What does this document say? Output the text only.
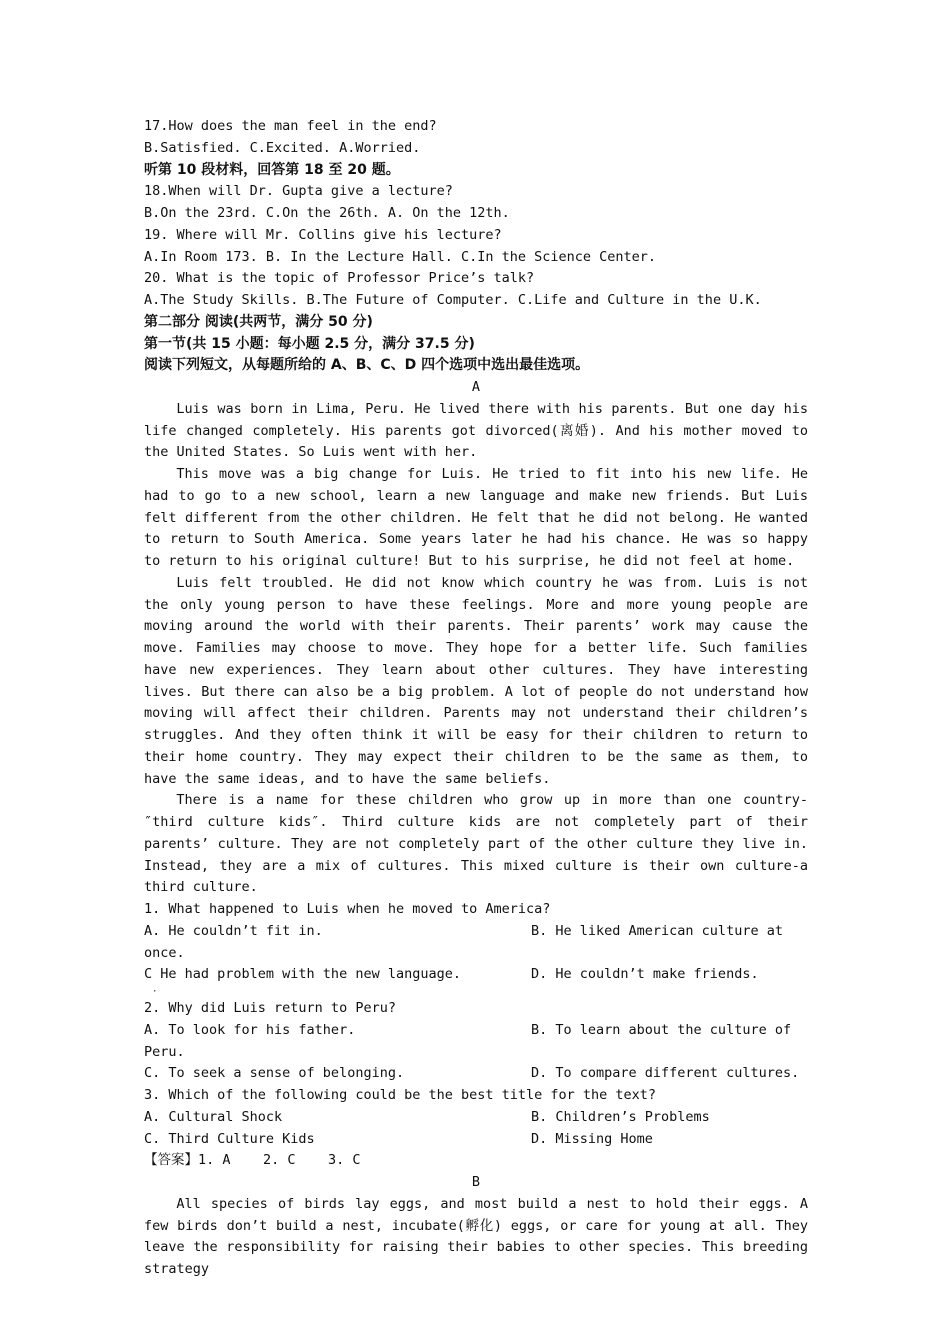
17.How does the man feel in the end?
B.Satisfied. C.Excited. A.Worried.
听第 10 段材料，回答第 18 至 20 题。
18.When will Dr. Gupta give a lecture?
B.On the 23rd. C.On the 26th. A. On the 12th.
19. Where will Mr. Collins give his lecture?
A.In Room 173. B. In the Lecture Hall. C.In the Science Center.
20. What is the topic of Professor Price’s talk?
A.The Study Skills. B.The Future of Computer. C.Life and Culture in the U.K.
第二部分 阅读(共两节，满分 50 分)
第一节(共 15 小题：每小题 2.5 分，满分 37.5 分)
阅读下列短文，从每题所给的 A、B、C、D 四个选项中选出最佳选项。
A
Luis was born in Lima, Peru. He lived there with his parents. But one day his life changed completely. His parents got divorced(离婚). And his mother moved to the United States. So Luis went with her.
This move was a big change for Luis. He tried to fit into his new life. He had to go to a new school, learn a new language and make new friends. But Luis felt different from the other children. He felt that he did not belong. He wanted to return to South America. Some years later he had his chance. He was so happy to return to his original culture! But to his surprise, he did not feel at home.
Luis felt troubled. He did not know which country he was from. Luis is not the only young person to have these feelings. More and more young people are moving around the world with their parents. Their parents’ work may cause the move. Families may choose to move. They hope for a better life. Such families have new experiences. They learn about other cultures. They have interesting lives. But there can also be a big problem. A lot of people do not understand how moving will affect their children. Parents may not understand their children’s struggles. And they often think it will be easy for their children to return to their home country. They may expect their children to be the same as them, to have the same ideas, and to have the same beliefs.
There is a name for these children who grow up in more than one country-″third culture kids″. Third culture kids are not completely part of their parents’ culture. They are not completely part of the other culture they live in. Instead, they are a mix of cultures. This mixed culture is their own culture-a third culture.
1. What happened to Luis when he moved to America?
A. He couldn’t fit in.	B. He liked American culture at
once.
C He had problem with the new language.	D. He couldn’t make friends.
·
2. Why did Luis return to Peru?
A. To look for his father.	B. To learn about the culture of
Peru.
C. To seek a sense of belonging.	D. To compare different cultures.
3. Which of the following could be the best title for the text?
A. Cultural Shock	B. Children’s Problems
C. Third Culture Kids	D. Missing Home
【答案】1. A    2. C    3. C
B
All species of birds lay eggs, and most build a nest to hold their eggs. A few birds don’t build a nest, incubate(孵化) eggs, or care for young at all. They leave the responsibility for raising their babies to other species. This breeding strategy
